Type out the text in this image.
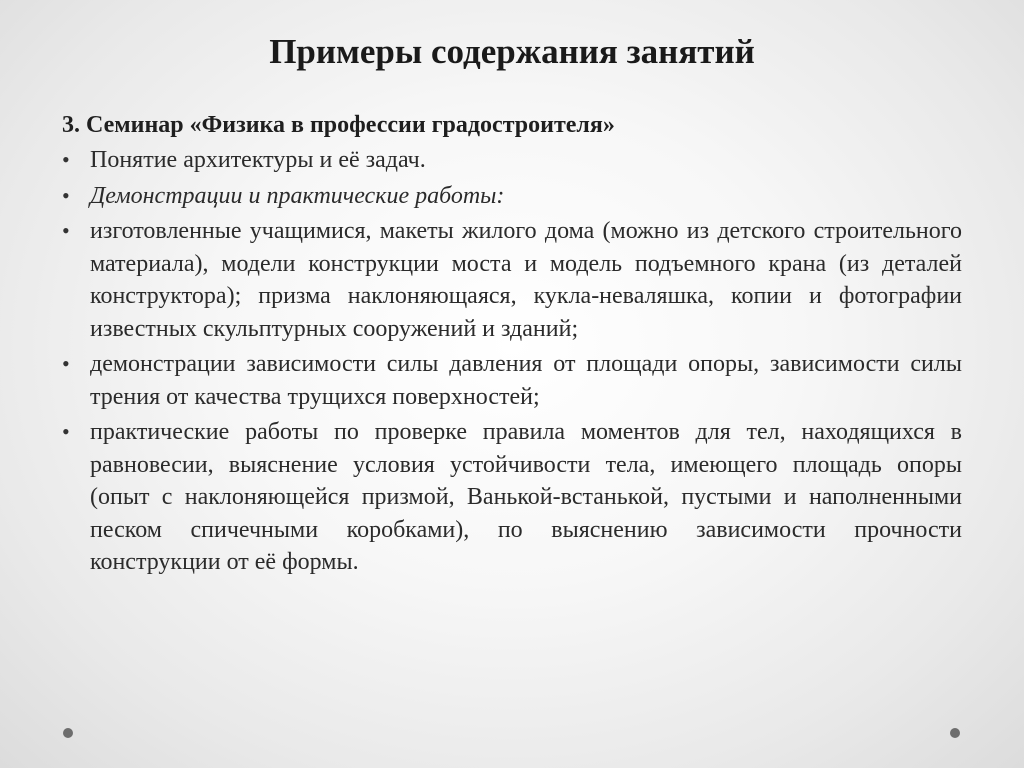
Примеры содержания занятий
3. Семинар «Физика в профессии градостроителя»
• Понятие архитектуры и её задач.
• Демонстрации и практические работы:
• изготовленные учащимися, макеты жилого дома (можно из детского строительного материала), модели конструкции моста и модель подъемного крана (из деталей конструктора); призма наклоняющаяся, кукла-неваляшка, копии и фотографии известных скульптурных сооружений и зданий;
• демонстрации зависимости силы давления от площади опоры, зависимости силы трения от качества трущихся поверхностей;
• практические работы по проверке правила моментов для тел, находящихся в равновесии, выяснение условия устойчивости тела, имеющего площадь опоры (опыт с наклоняющейся призмой, Ванькой-встанькой, пустыми и наполненными песком спичечными коробками), по выяснению зависимости прочности конструкции от её формы.
